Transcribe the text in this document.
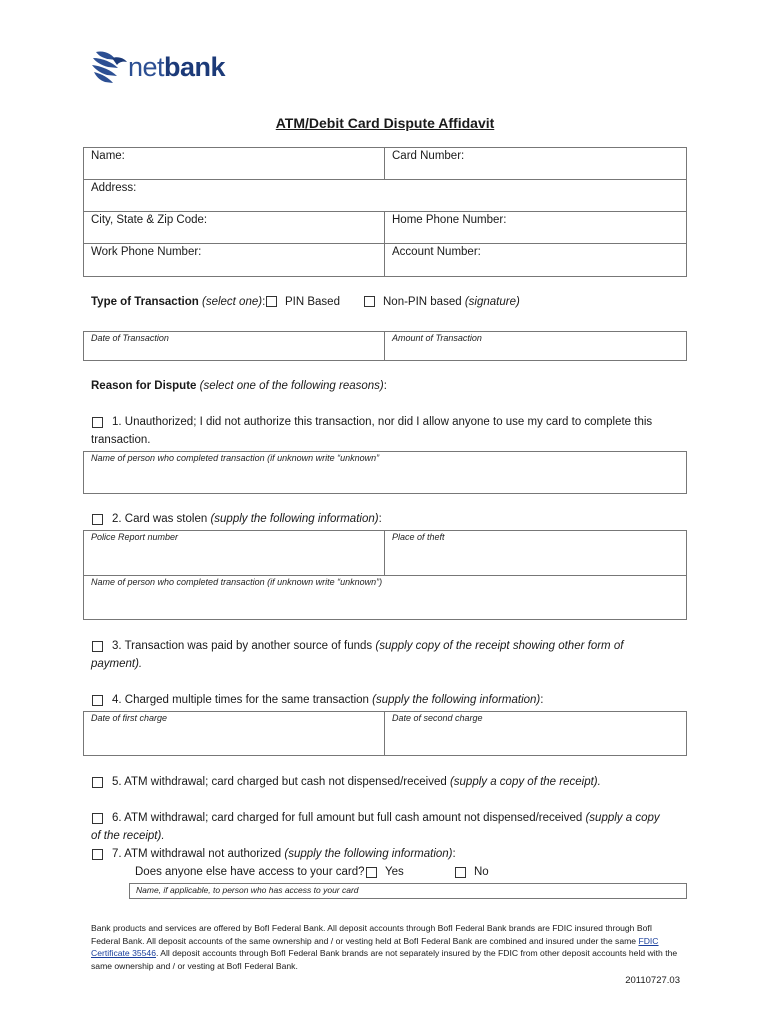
netbank
ATM/Debit Card Dispute Affidavit
Name:	Card Number:
Address:
City, State & Zip Code:	Home Phone Number:
Work Phone Number:	Account Number:
Type of Transaction (select one): PIN Based	Non-PIN based (signature)
Date of Transaction	Amount of Transaction
Reason for Dispute (select one of the following reasons):
1. Unauthorized; I did not authorize this transaction, nor did I allow anyone to use my card to complete this
transaction.
Name of person who completed transaction (if unknown write “unknown”
2. Card was stolen (supply the following information):
Police Report number	Place of theft
Name of person who completed transaction (if unknown write “unknown”)
3. Transaction was paid by another source of funds (supply copy of the receipt showing other form of
payment).
4. Charged multiple times for the same transaction (supply the following information):
Date of first charge	Date of second charge
5. ATM withdrawal; card charged but cash not dispensed/received (supply a copy of the receipt).
6. ATM withdrawal; card charged for full amount but full cash amount not dispensed/received (supply a copy
of the receipt).
7. ATM withdrawal not authorized (supply the following information):
Does anyone else have access to your card? Yes	No
Name, if applicable, to person who has access to your card
Bank products and services are offered by BofI Federal Bank. All deposit accounts through BofI Federal Bank brands are FDIC insured through BofI Federal Bank. All deposit accounts of the same ownership and / or vesting held at BofI Federal Bank are combined and insured under the same FDIC Certificate 35546. All deposit accounts through BofI Federal Bank brands are not separately insured by the FDIC from other deposit accounts held with the same ownership and / or vesting at BofI Federal Bank.
20110727.03
